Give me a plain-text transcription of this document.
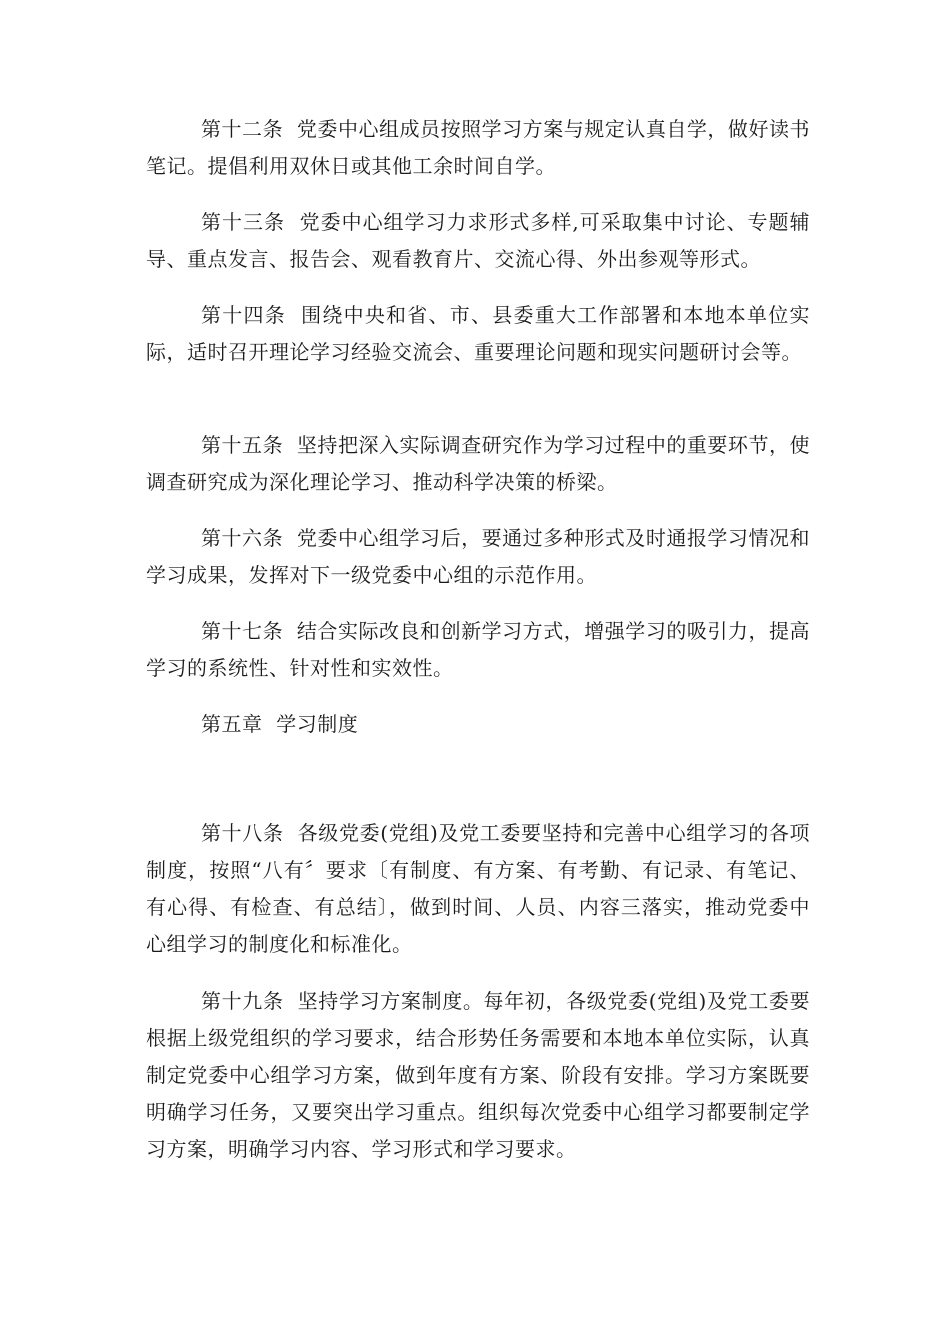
第十二条 党委中心组成员按照学习方案与规定认真自学，做好读书笔记。提倡利用双休日或其他工余时间自学。

第十三条 党委中心组学习力求形式多样,可采取集中讨论、专题辅导、重点发言、报告会、观看教育片、交流心得、外出参观等形式。

第十四条 围绕中央和省、市、县委重大工作部署和本地本单位实际，适时召开理论学习经验交流会、重要理论问题和现实问题研讨会等。

第十五条 坚持把深入实际调查研究作为学习过程中的重要环节，使调查研究成为深化理论学习、推动科学决策的桥梁。

第十六条 党委中心组学习后，要通过多种形式及时通报学习情况和学习成果，发挥对下一级党委中心组的示范作用。

第十七条 结合实际改良和创新学习方式，增强学习的吸引力，提高学习的系统性、针对性和实效性。

第五章 学习制度

第十八条 各级党委(党组)及党工委要坚持和完善中心组学习的各项制度，按照“八有〞要求〔有制度、有方案、有考勤、有记录、有笔记、有心得、有检查、有总结〕，做到时间、人员、内容三落实，推动党委中心组学习的制度化和标准化。

第十九条 坚持学习方案制度。每年初，各级党委(党组)及党工委要根据上级党组织的学习要求，结合形势任务需要和本地本单位实际，认真制定党委中心组学习方案，做到年度有方案、阶段有安排。学习方案既要明确学习任务，又要突出学习重点。组织每次党委中心组学习都要制定学习方案，明确学习内容、学习形式和学习要求。
